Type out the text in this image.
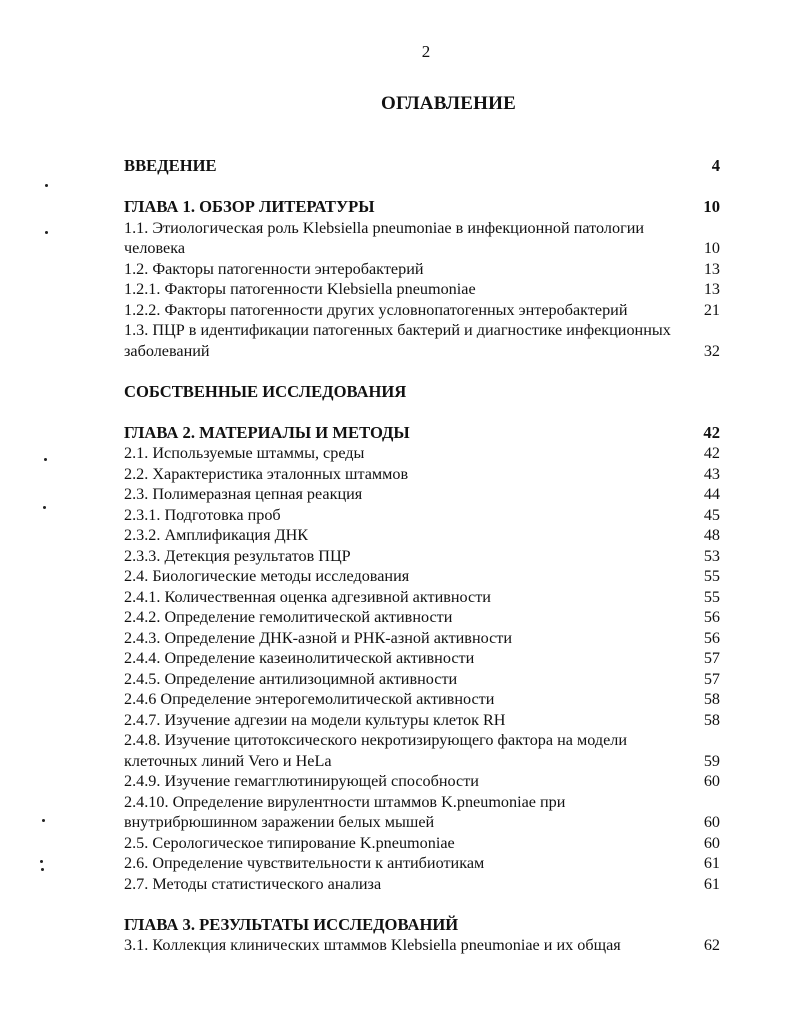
2
ОГЛАВЛЕНИЕ
ВВЕДЕНИЕ	4
ГЛАВА 1. ОБЗОР ЛИТЕРАТУРЫ	10
1.1. Этиологическая роль Klebsiella pneumoniae в инфекционной патологии человека	10
1.2. Факторы патогенности энтеробактерий	13
1.2.1. Факторы патогенности Klebsiella pneumoniae	13
1.2.2. Факторы патогенности других условнопатогенных энтеробактерий	21
1.3. ПЦР в идентификации патогенных бактерий и диагностике инфекционных заболеваний	32
СОБСТВЕННЫЕ ИССЛЕДОВАНИЯ
ГЛАВА 2. МАТЕРИАЛЫ И МЕТОДЫ	42
2.1. Используемые штаммы, среды	42
2.2. Характеристика эталонных штаммов	43
2.3. Полимеразная цепная реакция	44
2.3.1. Подготовка проб	45
2.3.2. Амплификация ДНК	48
2.3.3. Детекция результатов ПЦР	53
2.4. Биологические методы исследования	55
2.4.1. Количественная оценка адгезивной активности	55
2.4.2. Определение гемолитической активности	56
2.4.3. Определение ДНК-азной и РНК-азной активности	56
2.4.4. Определение казеинолитической активности	57
2.4.5. Определение антилизоцимной активности	57
2.4.6 Определение энтерогемолитической активности	58
2.4.7. Изучение адгезии на модели культуры клеток RH	58
2.4.8. Изучение цитотоксического некротизирующего фактора на модели клеточных линий Vero и HeLa	59
2.4.9. Изучение гемагглютинирующей способности	60
2.4.10. Определение вирулентности штаммов K.pneumoniae при внутрибрюшинном заражении белых мышей	60
2.5. Серологическое типирование K.pneumoniae	60
2.6. Определение чувствительности к антибиотикам	61
2.7. Методы статистического анализа	61
ГЛАВА 3. РЕЗУЛЬТАТЫ ИССЛЕДОВАНИЙ
3.1. Коллекция клинических штаммов Klebsiella pneumoniae и их общая	62
